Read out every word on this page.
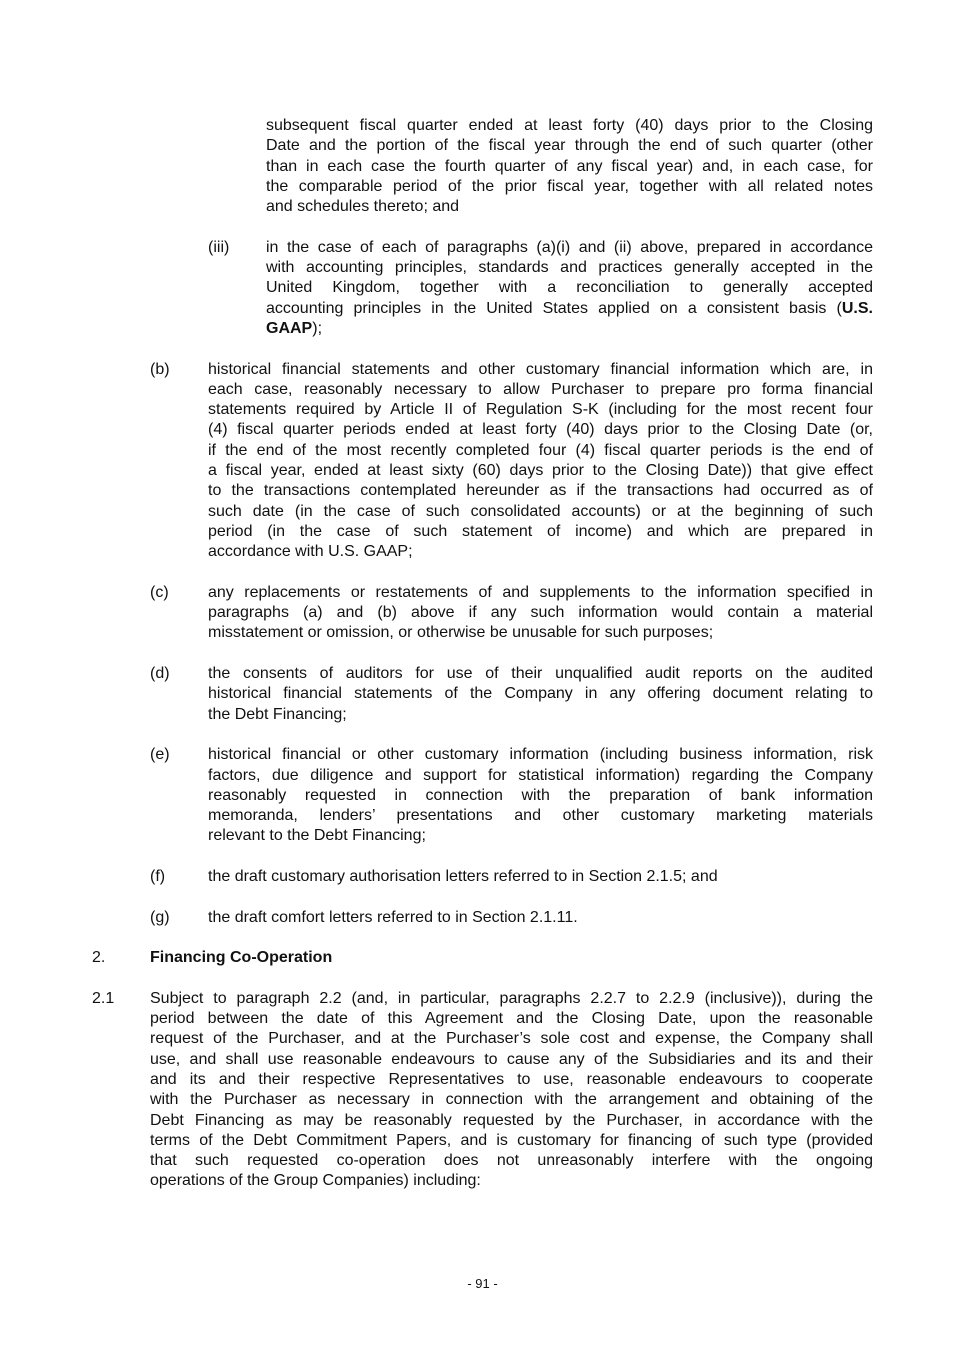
subsequent fiscal quarter ended at least forty (40) days prior to the Closing
Date and the portion of the fiscal year through the end of such quarter (other
than in each case the fourth quarter of any fiscal year) and, in each case, for
the comparable period of the prior fiscal year, together with all related notes
and schedules thereto; and
(iii) in the case of each of paragraphs (a)(i) and (ii) above, prepared in accordance
with accounting principles, standards and practices generally accepted in the
United Kingdom, together with a reconciliation to generally accepted
accounting principles in the United States applied on a consistent basis (U.S.
GAAP);
(b) historical financial statements and other customary financial information which are, in
each case, reasonably necessary to allow Purchaser to prepare pro forma financial
statements required by Article II of Regulation S-K (including for the most recent four
(4) fiscal quarter periods ended at least forty (40) days prior to the Closing Date (or,
if the end of the most recently completed four (4) fiscal quarter periods is the end of
a fiscal year, ended at least sixty (60) days prior to the Closing Date)) that give effect
to the transactions contemplated hereunder as if the transactions had occurred as of
such date (in the case of such consolidated accounts) or at the beginning of such
period (in the case of such statement of income) and which are prepared in
accordance with U.S. GAAP;
(c) any replacements or restatements of and supplements to the information specified in
paragraphs (a) and (b) above if any such information would contain a material
misstatement or omission, or otherwise be unusable for such purposes;
(d) the consents of auditors for use of their unqualified audit reports on the audited
historical financial statements of the Company in any offering document relating to
the Debt Financing;
(e) historical financial or other customary information (including business information, risk
factors, due diligence and support for statistical information) regarding the Company
reasonably requested in connection with the preparation of bank information
memoranda, lenders’ presentations and other customary marketing materials
relevant to the Debt Financing;
(f)	the draft customary authorisation letters referred to in Section 2.1.5; and
(g) the draft comfort letters referred to in Section 2.1.11.
2.	Financing Co-Operation
2.1 Subject to paragraph 2.2 (and, in particular, paragraphs 2.2.7 to 2.2.9 (inclusive)), during the
period between the date of this Agreement and the Closing Date, upon the reasonable
request of the Purchaser, and at the Purchaser’s sole cost and expense, the Company shall
use, and shall use reasonable endeavours to cause any of the Subsidiaries and its and their
and its and their respective Representatives to use, reasonable endeavours to cooperate
with the Purchaser as necessary in connection with the arrangement and obtaining of the
Debt Financing as may be reasonably requested by the Purchaser, in accordance with the
terms of the Debt Commitment Papers, and is customary for financing of such type (provided
that such requested co-operation does not unreasonably interfere with the ongoing
operations of the Group Companies) including:
- 91 -
